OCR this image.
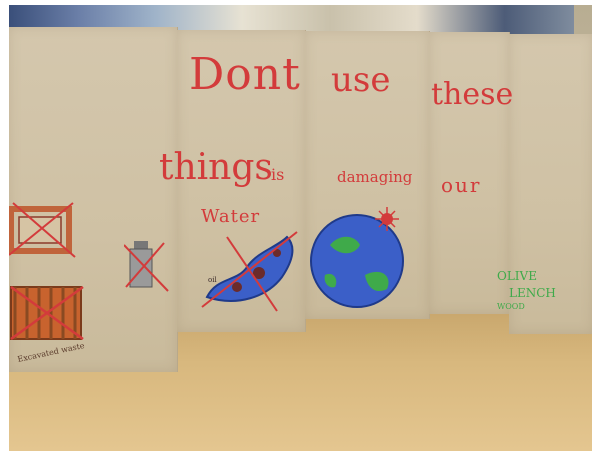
Dont use these
things
is	damaging our
Water
OLIVE
LENCH
WOOD
Excavated waste
oil
